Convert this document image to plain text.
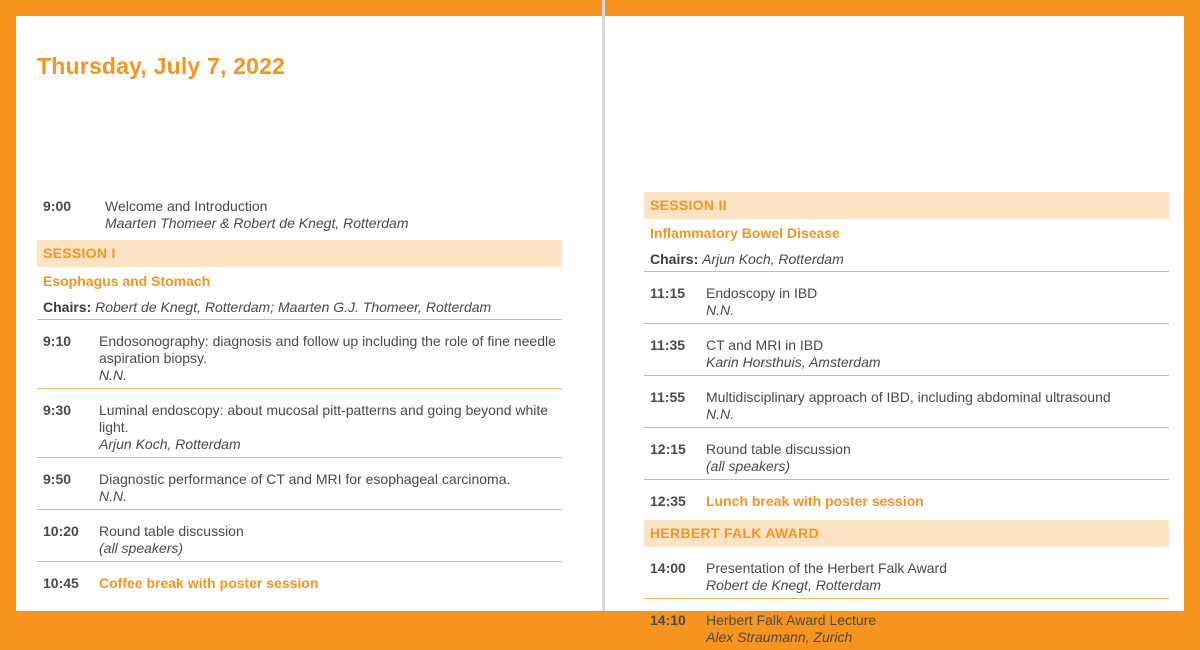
Thursday, July 7, 2022
9:00	Welcome and Introduction
Maarten Thomeer & Robert de Knegt, Rotterdam
SESSION I
Esophagus and Stomach
Chairs: Robert de Knegt, Rotterdam; Maarten G.J. Thomeer, Rotterdam
9:10	Endosonography: diagnosis and follow up including the role of fine needle aspiration biopsy.
N.N.
9:30	Luminal endoscopy: about mucosal pitt-patterns and going beyond white light.
Arjun Koch, Rotterdam
9:50	Diagnostic performance of CT and MRI for esophageal carcinoma.
N.N.
10:20	Round table discussion
(all speakers)
10:45	Coffee break with poster session
SESSION II
Inflammatory Bowel Disease
Chairs: Arjun Koch, Rotterdam
11:15	Endoscopy in IBD
N.N.
11:35	CT and MRI in IBD
Karin Horsthuis, Amsterdam
11:55	Multidisciplinary approach of IBD, including abdominal ultrasound
N.N.
12:15	Round table discussion
(all speakers)
12:35	Lunch break with poster session
HERBERT FALK AWARD
14:00	Presentation of the Herbert Falk Award
Robert de Knegt, Rotterdam
14:10	Herbert Falk Award Lecture
Alex Straumann, Zurich
